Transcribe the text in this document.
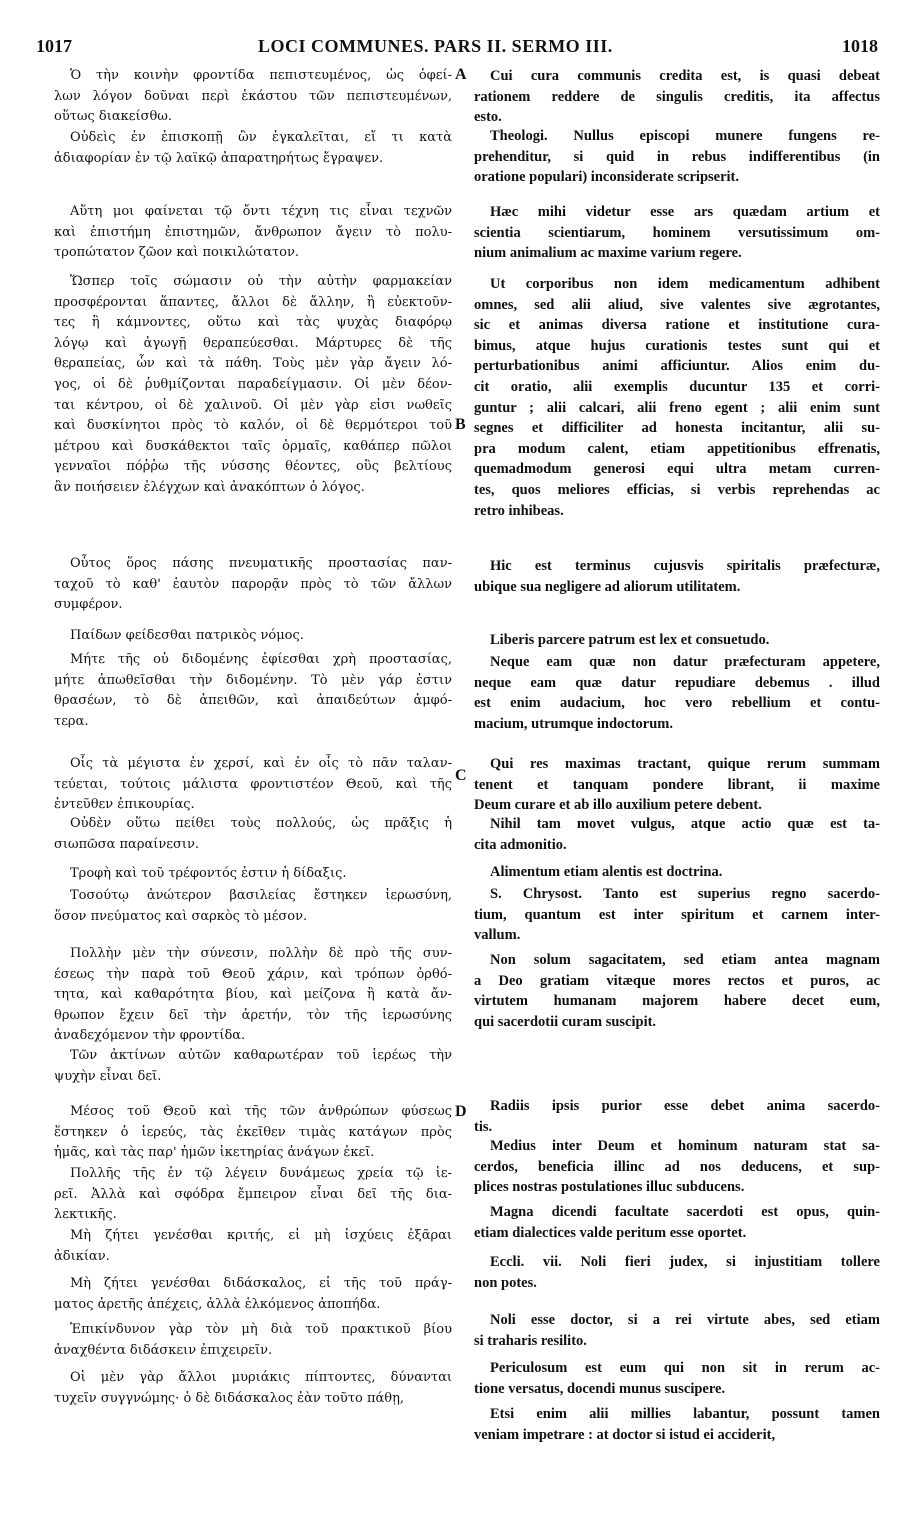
1017	LOCI COMMUNES. PARS II. SERMO III.	1018
A
B
C
D
Ὁ τὴν κοινὴν φροντίδα πεπιστευμένος, ὡς ὀφεί-
λων λόγον δοῦναι περὶ ἑκάστου τῶν πεπιστευμένων,
οὕτως διακείσθω.
Οὐδεὶς ἐν ἐπισκοπῇ ὢν ἐγκαλεῖται, εἴ τι κατὰ
ἀδιαφορίαν ἐν τῷ λαϊκῷ ἀπαρατηρήτως ἔγραψεν.
Αὕτη μοι φαίνεται τῷ ὄντι τέχνη τις εἶναι τεχνῶν
καὶ ἐπιστήμη ἐπιστημῶν, ἄνθρωπον ἄγειν τὸ πολυ-
τροπώτατον ζῶον καὶ ποικιλώτατον.
Ὥσπερ τοῖς σώμασιν οὐ τὴν αὐτὴν φαρμακείαν
προσφέρονται ἅπαντες, ἄλλοι δὲ ἄλλην, ἢ εὐεκτοῦν-
τες ἢ κάμνοντες, οὕτω καὶ τὰς ψυχὰς διαφόρῳ
λόγῳ καὶ ἀγωγῇ θεραπεύεσθαι. Μάρτυρες δὲ τῆς
θεραπείας, ὧν καὶ τὰ πάθη. Τοὺς μὲν γὰρ ἄγειν λό-
γος, οἱ δὲ ῥυθμίζονται παραδείγμασιν. Οἱ μὲν δέον-
ται κέντρου, οἱ δὲ χαλινοῦ. Οἱ μὲν γὰρ εἰσι νωθεῖς
καὶ δυσκίνητοι πρὸς τὸ καλόν, οἱ δὲ θερμότεροι τοῦ
μέτρου καὶ δυσκάθεκτοι ταῖς ὁρμαῖς, καθάπερ πῶλοι
γενναῖοι πόῤῥω τῆς νύσσης θέοντες, οὓς βελτίους
ἂν ποιήσειεν ἐλέγχων καὶ ἀνακόπτων ὁ λόγος.
Οὗτος ὅρος πάσης πνευματικῆς προστασίας παν-
ταχοῦ τὸ καθ' ἑαυτὸν παρορᾷν πρὸς τὸ τῶν ἄλλων
συμφέρον.
Παίδων φείδεσθαι πατρικὸς νόμος.
Μήτε τῆς οὐ διδομένης ἐφίεσθαι χρὴ προστασίας,
μήτε ἀπωθεῖσθαι τὴν διδομένην. Τὸ μὲν γάρ ἐστιν
θρασέων, τὸ δὲ ἀπειθῶν, καὶ ἀπαιδεύτων ἀμφό-
τερα.
Οἷς τὰ μέγιστα ἐν χερσί, καὶ ἐν οἷς τὸ πᾶν ταλαν-
τεύεται, τούτοις μάλιστα φροντιστέον Θεοῦ, καὶ τῆς
ἐντεῦθεν ἐπικουρίας.
Οὐδὲν οὕτω πείθει τοὺς πολλούς, ὡς πρᾶξις ἡ
σιωπῶσα παραίνεσιν.
Τροφὴ καὶ τοῦ τρέφοντός ἐστιν ἡ δίδαξις.
Τοσούτῳ ἀνώτερον βασιλείας ἔστηκεν ἱερωσύνη,
ὅσον πνεύματος καὶ σαρκὸς τὸ μέσον.
Πολλὴν μὲν τὴν σύνεσιν, πολλὴν δὲ πρὸ τῆς συν-
έσεως τὴν παρὰ τοῦ Θεοῦ χάριν, καὶ τρόπων ὀρθό-
τητα, καὶ καθαρότητα βίου, καὶ μείζονα ἢ κατὰ ἄν-
θρωπον ἔχειν δεῖ τὴν ἀρετήν, τὸν τῆς ἱερωσύνης
ἀναδεχόμενον τὴν φροντίδα.
Τῶν ἀκτίνων αὐτῶν καθαρωτέραν τοῦ ἱερέως τὴν
ψυχὴν εἶναι δεῖ.
Μέσος τοῦ Θεοῦ καὶ τῆς τῶν ἀνθρώπων φύσεως
ἕστηκεν ὁ ἱερεύς, τὰς ἐκεῖθεν τιμὰς κατάγων πρὸς
ἡμᾶς, καὶ τὰς παρ' ἡμῶν ἱκετηρίας ἀνάγων ἐκεῖ.
Πολλῆς τῆς ἐν τῷ λέγειν δυνάμεως χρεία τῷ ἱε-
ρεῖ. Ἀλλὰ καὶ σφόδρα ἔμπειρον εἶναι δεῖ τῆς δια-
λεκτικῆς.
Μὴ ζήτει γενέσθαι κριτής, εἰ μὴ ἰσχύεις ἐξᾶραι
ἀδικίαν.
Μὴ ζήτει γενέσθαι διδάσκαλος, εἰ τῆς τοῦ πράγ-
ματος ἀρετῆς ἀπέχεις, ἀλλὰ ἑλκόμενος ἀποπήδα.
Ἐπικίνδυνον γὰρ τὸν μὴ διὰ τοῦ πρακτικοῦ βίου
ἀναχθέντα διδάσκειν ἐπιχειρεῖν.
Οἱ μὲν γὰρ ἄλλοι μυριάκις πίπτοντες, δύνανται
τυχεῖν συγγνώμης· ὁ δὲ διδάσκαλος ἐὰν τοῦτο πάθῃ,
Cui cura communis credita est, is quasi debeat
rationem reddere de singulis creditis, ita affectus
esto.
Theologi. Nullus episcopi munere fungens re-
prehenditur, si quid in rebus indifferentibus (in
oratione populari) inconsiderate scripserit.
Hæc mihi videtur esse ars quædam artium et
scientia scientiarum, hominem versutissimum om-
nium animalium ac maxime varium regere.
Ut corporibus non idem medicamentum adhibent
omnes, sed alii aliud, sive valentes sive ægrotantes,
sic et animas diversa ratione et institutione cura-
bimus, atque hujus curationis testes sunt qui et
perturbationibus animi afficiuntur. Alios enim du-
cit oratio, alii exemplis ducuntur 135 et corri-
guntur ; alii calcari, alii freno egent ; alii enim sunt
segnes et difficiliter ad honesta incitantur, alii su-
pra modum calent, etiam appetitionibus effrenatis,
quemadmodum generosi equi ultra metam curren-
tes, quos meliores efficias, si verbis reprehendas ac
retro inhibeas.
Hic est terminus cujusvis spiritalis præfecturæ,
ubique sua negligere ad aliorum utilitatem.
Liberis parcere patrum est lex et consuetudo.
Neque eam quæ non datur præfecturam appetere,
neque eam quæ datur repudiare debemus . illud
est enim audacium, hoc vero rebellium et contu-
macium, utrumque indoctorum.
Qui res maximas tractant, quique rerum summam
tenent et tanquam pondere librant, ii maxime
Deum curare et ab illo auxilium petere debent.
Nihil tam movet vulgus, atque actio quæ est ta-
cita admonitio.
Alimentum etiam alentis est doctrina.
S. Chrysost. Tanto est superius regno sacerdo-
tium, quantum est inter spiritum et carnem inter-
vallum.
Non solum sagacitatem, sed etiam antea magnam
a Deo gratiam vitæque mores rectos et puros, ac
virtutem humanam majorem habere decet eum,
qui sacerdotii curam suscipit.
Radiis ipsis purior esse debet anima sacerdo-
tis.
Medius inter Deum et hominum naturam stat sa-
cerdos, beneficia illinc ad nos deducens, et sup-
plices nostras postulationes illuc subducens.
Magna dicendi facultate sacerdoti est opus, quin-
etiam dialectices valde peritum esse oportet.
Eccli. vii. Noli fieri judex, si injustitiam tollere
non potes.
Noli esse doctor, si a rei virtute abes, sed etiam
si traharis resilito.
Periculosum est eum qui non sit in rerum ac-
tione versatus, docendi munus suscipere.
Etsi enim alii millies labantur, possunt tamen
veniam impetrare : at doctor si istud ei acciderit,
